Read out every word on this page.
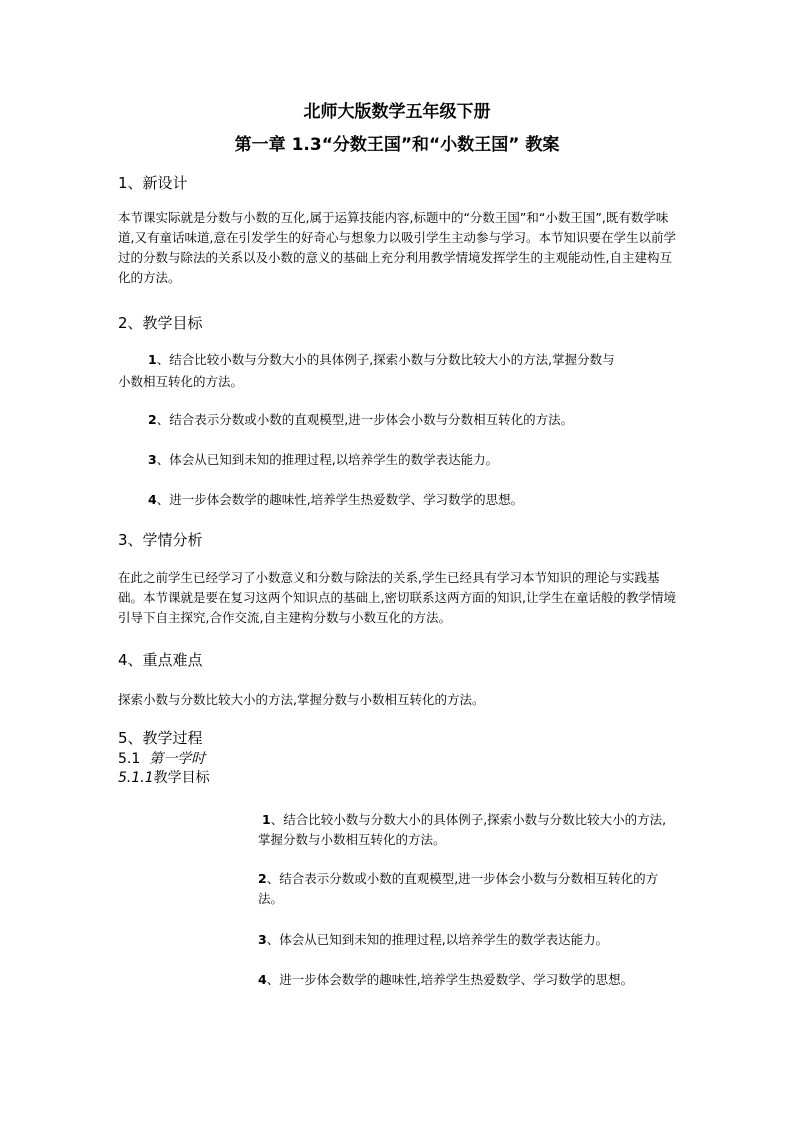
北师大版数学五年级下册
第一章 1.3“分数王国”和“小数王国” 教案
1、新设计

本节课实际就是分数与小数的互化,属于运算技能内容,标题中的“分数王国”和“小数王国”,既有数学味道,又有童话味道,意在引发学生的好奇心与想象力以吸引学生主动参与学习。本节知识要在学生以前学过的分数与除法的关系以及小数的意义的基础上充分利用教学情境发挥学生的主观能动性,自主建构互化的方法。

2、教学目标
1、结合比较小数与分数大小的具体例子,探索小数与分数比较大小的方法,掌握分数与
小数相互转化的方法。
2、结合表示分数或小数的直观模型,进一步体会小数与分数相互转化的方法。
3、体会从已知到未知的推理过程,以培养学生的数学表达能力。
4、进一步体会数学的趣味性,培养学生热爱数学、学习数学的思想。
3、学情分析

在此之前学生已经学习了小数意义和分数与除法的关系,学生已经具有学习本节知识的理论与实践基础。本节课就是要在复习这两个知识点的基础上,密切联系这两方面的知识,让学生在童话般的教学情境引导下自主探究,合作交流,自主建构分数与小数互化的方法。

4、重点难点

探索小数与分数比较大小的方法,掌握分数与小数相互转化的方法。

5、教学过程
5.1 第一学时
5.1.1教学目标

1、结合比较小数与分数大小的具体例子,探索小数与分数比较大小的方法,掌握分数与小数相互转化的方法。

2、结合表示分数或小数的直观模型,进一步体会小数与分数相互转化的方法。

3、体会从已知到未知的推理过程,以培养学生的数学表达能力。

4、进一步体会数学的趣味性,培养学生热爱数学、学习数学的思想。
